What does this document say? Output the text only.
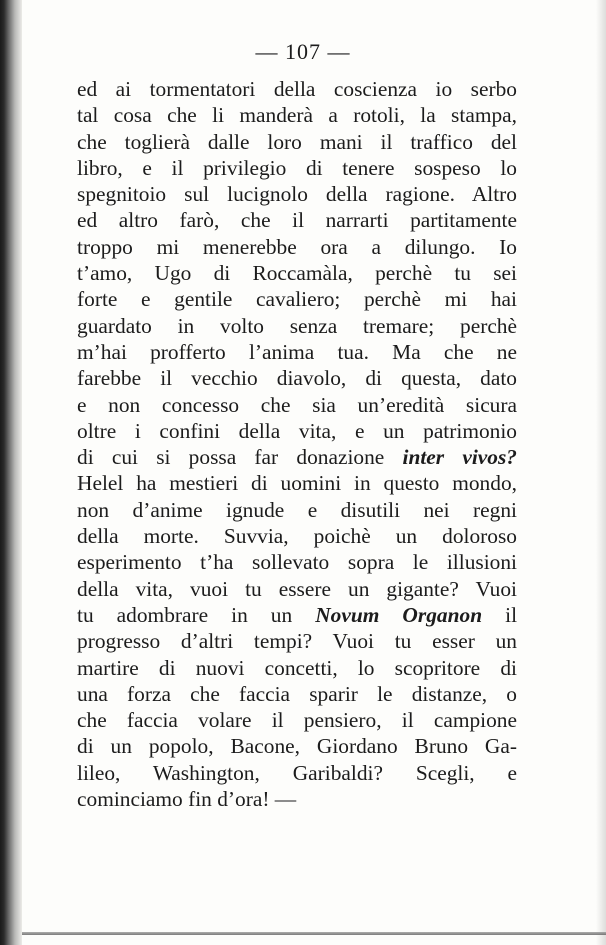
— 107 —
ed ai tormentatori della coscienza io serbo
tal cosa che li manderà a rotoli, la stampa,
che toglierà dalle loro mani il traffico del
libro, e il privilegio di tenere sospeso lo
spegnitoio sul lucignolo della ragione. Altro
ed altro farò, che il narrarti partitamente
troppo mi menerebbe ora a dilungo. Io
t’amo, Ugo di Roccamàla, perchè tu sei
forte e gentile cavaliero; perchè mi hai
guardato in volto senza tremare; perchè
m’hai profferto l’anima tua. Ma che ne
farebbe il vecchio diavolo, di questa, dato
e non concesso che sia un’eredità sicura
oltre i confini della vita, e un patrimonio
di cui si possa far donazione inter vivos?
Helel ha mestieri di uomini in questo mondo,
non d’anime ignude e disutili nei regni
della morte. Suvvia, poichè un doloroso
esperimento t’ha sollevato sopra le illusioni
della vita, vuoi tu essere un gigante? Vuoi
tu adombrare in un Novum Organon il
progresso d’altri tempi? Vuoi tu esser un
martire di nuovi concetti, lo scopritore di
una forza che faccia sparir le distanze, o
che faccia volare il pensiero, il campione
di un popolo, Bacone, Giordano Bruno Ga-
lileo, Washington, Garibaldi? Scegli, e
cominciamo fin d’ora! —
